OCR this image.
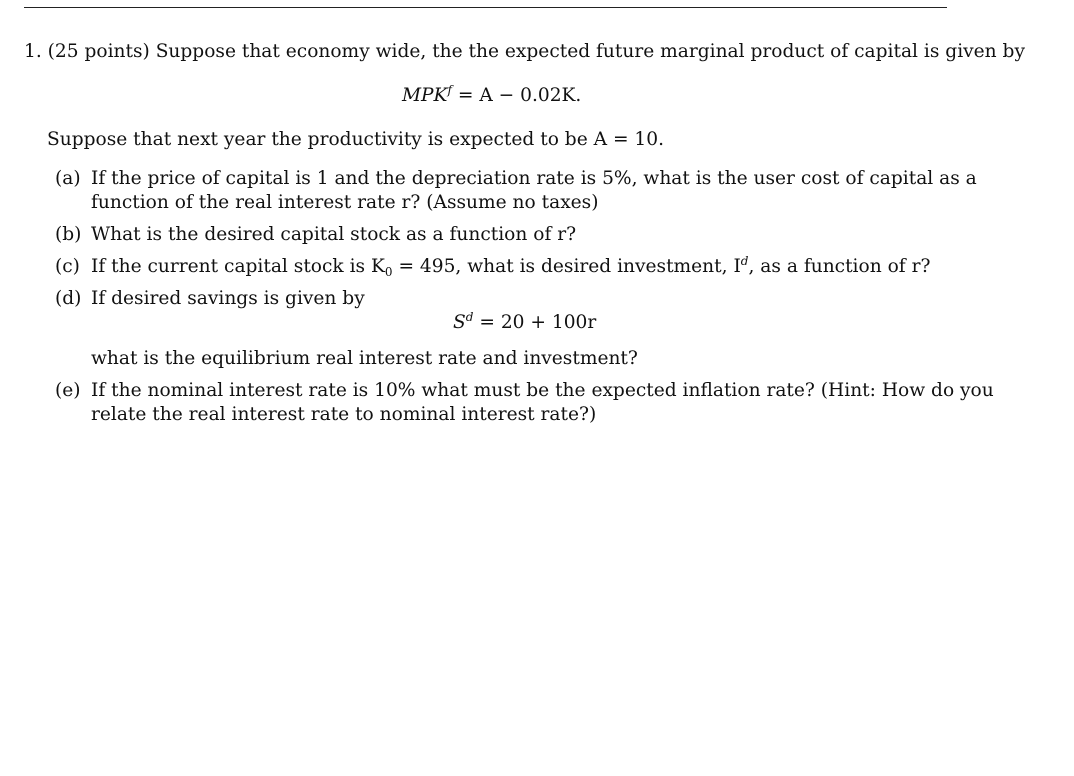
1. (25 points) Suppose that economy wide, the the expected future marginal product of capital is given by
$MPK^f = A - 0.02K$.
Suppose that next year the productivity is expected to be A = 10.
(a) If the price of capital is 1 and the depreciation rate is 5%, what is the user cost of capital as a
function of the real interest rate r? (Assume no taxes)
(b) What is the desired capital stock as a function of r?
(c) If the current capital stock is $K_0 = 495$, what is desired investment, $I^d$, as a function of r?
(d) If desired savings is given by
$S^d = 20 + 100r$
what is the equilibrium real interest rate and investment?
(e) If the nominal interest rate is 10% what must be the expected inflation rate? (Hint: How do you
relate the real interest rate to nominal interest rate?)
